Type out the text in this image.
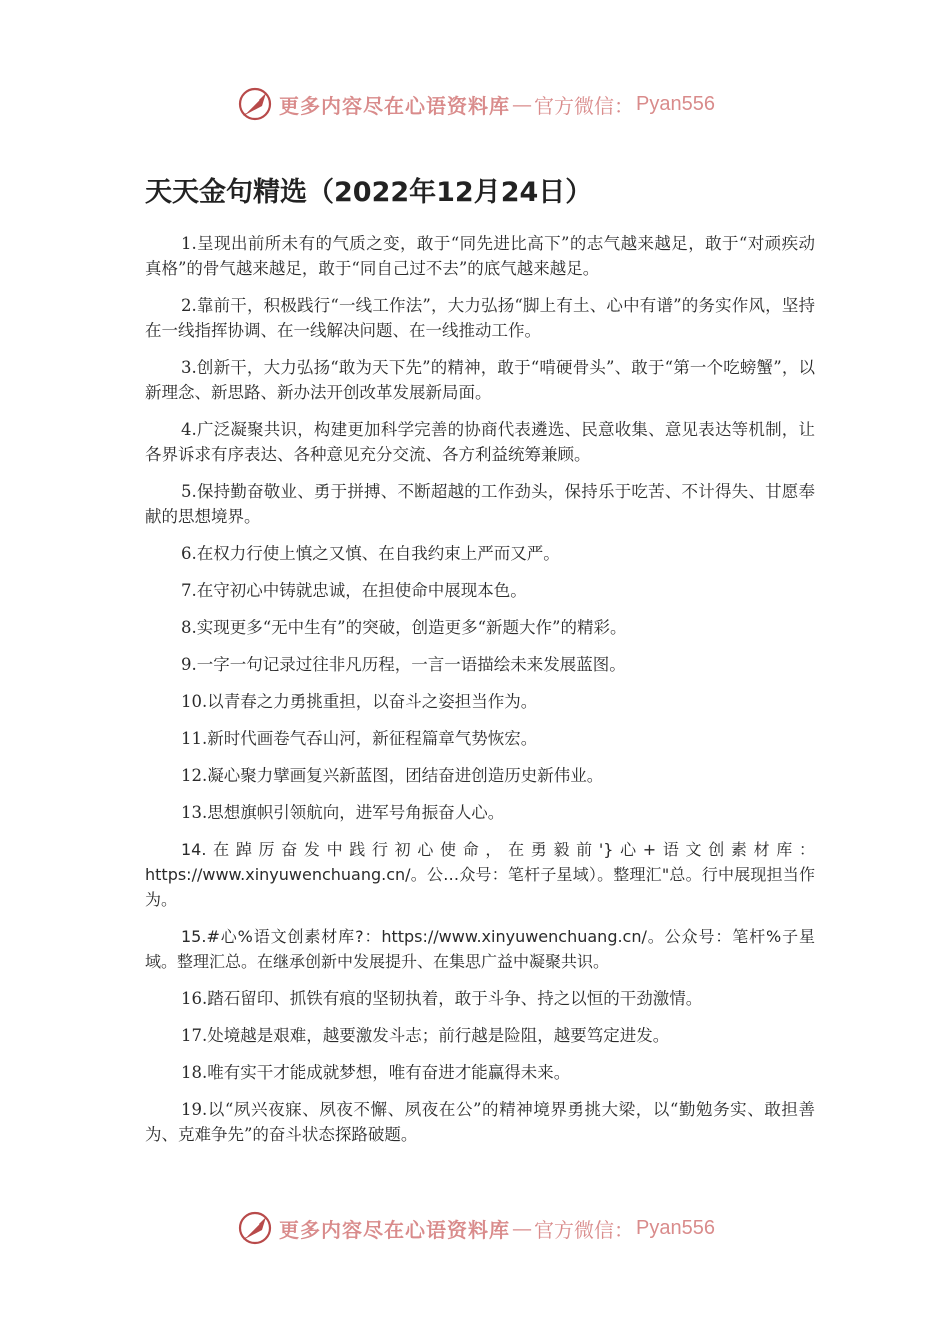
更多内容尽在心语资料库 — 官方微信： Pyan556
天天金句精选（2022年12月24日）

1.呈现出前所未有的气质之变，敢于“同先进比高下”的志气越来越足，敢于“对顽疾动真格”的骨气越来越足，敢于“同自己过不去”的底气越来越足。

2.靠前干，积极践行“一线工作法”，大力弘扬“脚上有土、心中有谱”的务实作风，坚持在一线指挥协调、在一线解决问题、在一线推动工作。

3.创新干，大力弘扬“敢为天下先”的精神，敢于“啃硬骨头”、敢于“第一个吃螃蟹”，以新理念、新思路、新办法开创改革发展新局面。

4.广泛凝聚共识，构建更加科学完善的协商代表遴选、民意收集、意见表达等机制，让各界诉求有序表达、各种意见充分交流、各方利益统筹兼顾。

5.保持勤奋敬业、勇于拼搏、不断超越的工作劲头，保持乐于吃苦、不计得失、甘愿奉献的思想境界。

6.在权力行使上慎之又慎、在自我约束上严而又严。

7.在守初心中铸就忠诚，在担使命中展现本色。

8.实现更多“无中生有”的突破，创造更多“新题大作”的精彩。

9.一字一句记录过往非凡历程，一言一语描绘未来发展蓝图。

10.以青春之力勇挑重担，以奋斗之姿担当作为。

11.新时代画卷气吞山河，新征程篇章气势恢宏。

12.凝心聚力擘画复兴新蓝图，团结奋进创造历史新伟业。

13.思想旗帜引领航向，进军号角振奋人心。

14.在踔厉奋发中践行初心使命，在勇毅前'}心+语文创素材库：https://www.xinyuwenchuang.cn/。公…众号：笔杆子星域）。整理汇"总。行中展现担当作为。

15.#心%语文创素材库?：https://www.xinyuwenchuang.cn/。公众号：笔杆%子星域。整理汇总。在继承创新中发展提升、在集思广益中凝聚共识。

16.踏石留印、抓铁有痕的坚韧执着，敢于斗争、持之以恒的干劲激情。

17.处境越是艰难，越要激发斗志；前行越是险阻，越要笃定进发。

18.唯有实干才能成就梦想，唯有奋进才能赢得未来。

19.以“夙兴夜寐、夙夜不懈、夙夜在公”的精神境界勇挑大梁，以“勤勉务实、敢担善为、克难争先”的奋斗状态探路破题。

更多内容尽在心语资料库 — 官方微信： Pyan556
